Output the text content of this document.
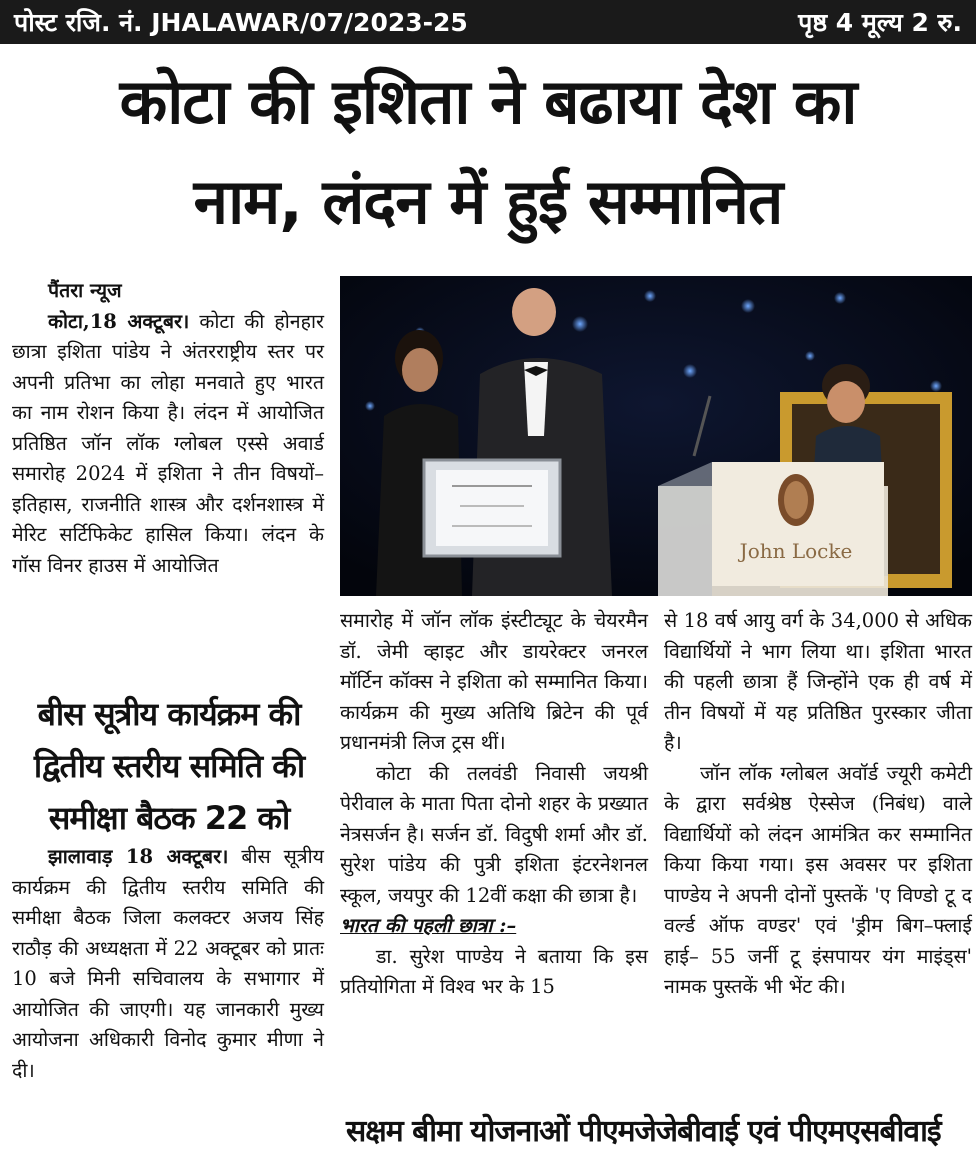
पोस्ट रजि. नं. JHALAWAR/07/2023-25	पृष्ठ 4 मूल्य 2 रु.
कोटा की इशिता ने बढाया देश का
नाम, लंदन में हुई सम्मानित

पैंतरा न्यूज

कोटा,18 अक्टूबर। कोटा की होनहार छात्रा इशिता पांडेय ने अंतरराष्ट्रीय स्तर पर अपनी प्रतिभा का लोहा मनवाते हुए भारत का नाम रोशन किया है। लंदन में आयोजित प्रतिष्ठित जॉन लॉक ग्लोबल एस्से अवार्ड समारोह 2024 में इशिता ने तीन विषयों–इतिहास, राजनीति शास्त्र और दर्शनशास्त्र में मेरिट सर्टिफिकेट हासिल किया। लंदन के गॉस विनर हाउस में आयोजित

John Locke

समारोह में जॉन लॉक इंस्टीट्यूट के चेयरमैन डॉ. जेमी व्हाइट और डायरेक्टर जनरल मॉर्टिन कॉक्स ने इशिता को सम्मानित किया। कार्यक्रम की मुख्य अतिथि ब्रिटेन की पूर्व प्रधानमंत्री लिज ट्रस थीं।

कोटा की तलवंडी निवासी जयश्री पेरीवाल के माता पिता दोनो शहर के प्रख्यात नेत्रसर्जन है। सर्जन डॉ. विदुषी शर्मा और डॉ. सुरेश पांडेय की पुत्री इशिता इंटरनेशनल स्कूल, जयपुर की 12वीं कक्षा की छात्रा है।

भारत की पहली छात्रा :–

डा. सुरेश पाण्डेय ने बताया कि इस प्रतियोगिता में विश्व भर के 15

से 18 वर्ष आयु वर्ग के 34,000 से अधिक विद्यार्थियों ने भाग लिया था। इशिता भारत की पहली छात्रा हैं जिन्होंने एक ही वर्ष में तीन विषयों में यह प्रतिष्ठित पुरस्कार जीता है।

जॉन लॉक ग्लोबल अवॉर्ड ज्यूरी कमेटी के द्वारा सर्वश्रेष्ठ ऐस्सेज (निबंध) वाले विद्यार्थियों को लंदन आमंत्रित कर सम्मानित किया किया गया। इस अवसर पर इशिता पाण्डेय ने अपनी दोनों पुस्तकें 'ए विण्डो टू द वर्ल्ड ऑफ वण्डर' एवं 'ड्रीम बिग–फ्लाई हाई– 55 जर्नी टू इंसपायर यंग माइंड्स' नामक पुस्तकें भी भेंट की।

बीस सूत्रीय कार्यक्रम की द्वितीय स्तरीय समिति की समीक्षा बैठक 22 को

झालावाड़ 18 अक्टूबर। बीस सूत्रीय कार्यक्रम की द्वितीय स्तरीय समिति की समीक्षा बैठक जिला कलक्टर अजय सिंह राठौड़ की अध्यक्षता में 22 अक्टूबर को प्रातः 10 बजे मिनी सचिवालय के सभागार में आयोजित की जाएगी। यह जानकारी मुख्य आयोजना अधिकारी विनोद कुमार मीणा ने दी।

सक्षम बीमा योजनाओं पीएमजेजेबीवाई एवं पीएमएसबीवाई
